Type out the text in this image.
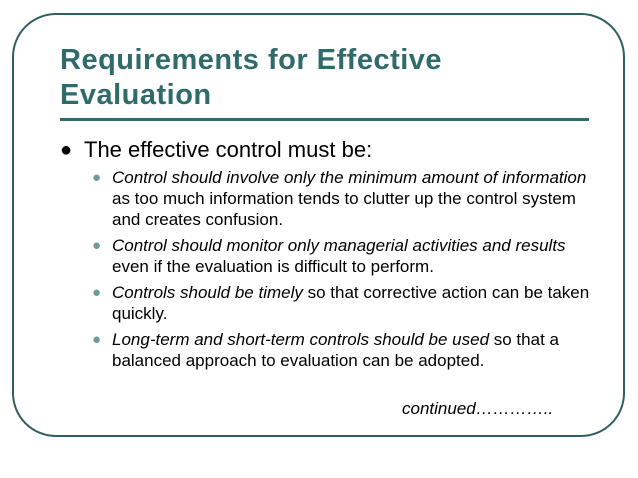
Requirements for Effective
Evaluation
● The effective control must be:
● Control should involve only the minimum amount of information as too much information tends to clutter up the control system and creates confusion.
● Control should monitor only managerial activities and results even if the evaluation is difficult to perform.
● Controls should be timely so that corrective action can be taken quickly.
● Long-term and short-term controls should be used so that a balanced approach to evaluation can be adopted.
continued…………..
